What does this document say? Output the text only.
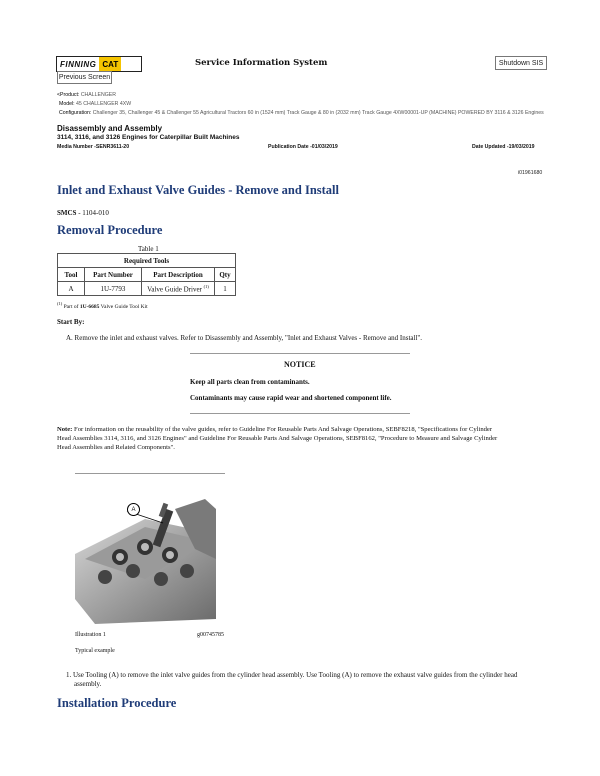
FINNING CAT	Service Information System	Shutdown SIS
Previous Screen
<Product: CHALLENGER
Model: 45 CHALLENGER 4XW
Configuration: Challenger 35, Challenger 45 & Challenger 55 Agricultural Tractors 60 in (1524 mm) Track Gauge & 80 in (2032 mm) Track Gauge 4XW00001-UP (MACHINE) POWERED BY 3116 & 3126 Engines
Disassembly and Assembly
3114, 3116, and 3126 Engines for Caterpillar Built Machines
Media Number -SENR3611-20	Publication Date -01/03/2019	Date Updated -19/03/2019
i01961680
Inlet and Exhaust Valve Guides - Remove and Install
SMCS - 1104-010
Removal Procedure
Table 1
Required Tools			
Tool	Part Number	Part Description	Qty
A	1U-7793	Valve Guide Driver $^{(1)}$	1
$^{(1)}$ Part of 1U-6685 Valve Guide Tool Kit
Start By:
A. Remove the inlet and exhaust valves. Refer to Disassembly and Assembly, "Inlet and Exhaust Valves - Remove and Install".
NOTICE
Keep all parts clean from contaminants.
Contaminants may cause rapid wear and shortened component life.
Note: For information on the reusability of the valve guides, refer to Guideline For Reusable Parts And Salvage Operations, SEBF8218, "Specifications for Cylinder
Head Assemblies 3114, 3116, and 3126 Engines" and Guideline For Reusable Parts And Salvage Operations, SEBF8162, "Procedure to Measure and Salvage Cylinder
Head Assemblies and Related Components".
A
Illustration 1	g00745785
Typical example
1. Use Tooling (A) to remove the inlet valve guides from the cylinder head assembly. Use Tooling (A) to remove the exhaust valve guides from the cylinder head
assembly.
Installation Procedure
